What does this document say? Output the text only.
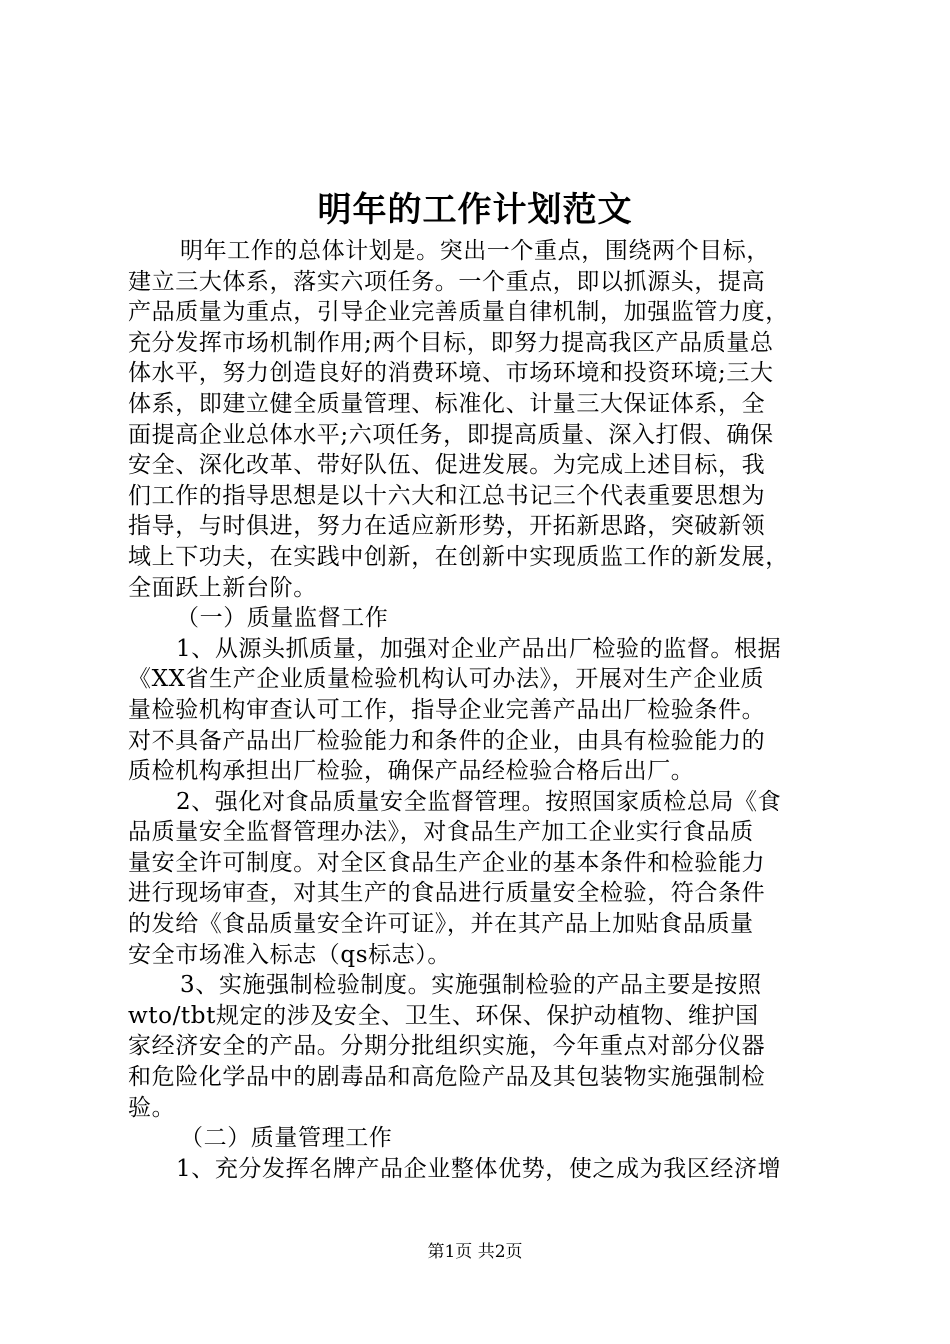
明年的工作计划范文
明年工作的总体计划是。突出一个重点，围绕两个目标，
建立三大体系，落实六项任务。一个重点，即以抓源头，提高
产品质量为重点，引导企业完善质量自律机制，加强监管力度，
充分发挥市场机制作用;两个目标，即努力提高我区产品质量总
体水平，努力创造良好的消费环境、市场环境和投资环境;三大
体系，即建立健全质量管理、标准化、计量三大保证体系，全
面提高企业总体水平;六项任务，即提高质量、深入打假、确保
安全、深化改革、带好队伍、促进发展。为完成上述目标，我
们工作的指导思想是以十六大和江总书记三个代表重要思想为
指导，与时俱进，努力在适应新形势，开拓新思路，突破新领
域上下功夫，在实践中创新，在创新中实现质监工作的新发展，
全面跃上新台阶。
（一）质量监督工作
1、从源头抓质量，加强对企业产品出厂检验的监督。根据
《XX省生产企业质量检验机构认可办法》，开展对生产企业质
量检验机构审查认可工作，指导企业完善产品出厂检验条件。
对不具备产品出厂检验能力和条件的企业，由具有检验能力的
质检机构承担出厂检验，确保产品经检验合格后出厂。
2、强化对食品质量安全监督管理。按照国家质检总局《食
品质量安全监督管理办法》，对食品生产加工企业实行食品质
量安全许可制度。对全区食品生产企业的基本条件和检验能力
进行现场审查，对其生产的食品进行质量安全检验，符合条件
的发给《食品质量安全许可证》，并在其产品上加贴食品质量
安全市场准入标志（qs标志）。
3、实施强制检验制度。实施强制检验的产品主要是按照
wto/tbt规定的涉及安全、卫生、环保、保护动植物、维护国
家经济安全的产品。分期分批组织实施，今年重点对部分仪器
和危险化学品中的剧毒品和高危险产品及其包装物实施强制检
验。
（二）质量管理工作
1、充分发挥名牌产品企业整体优势，使之成为我区经济增
第1页 共2页
